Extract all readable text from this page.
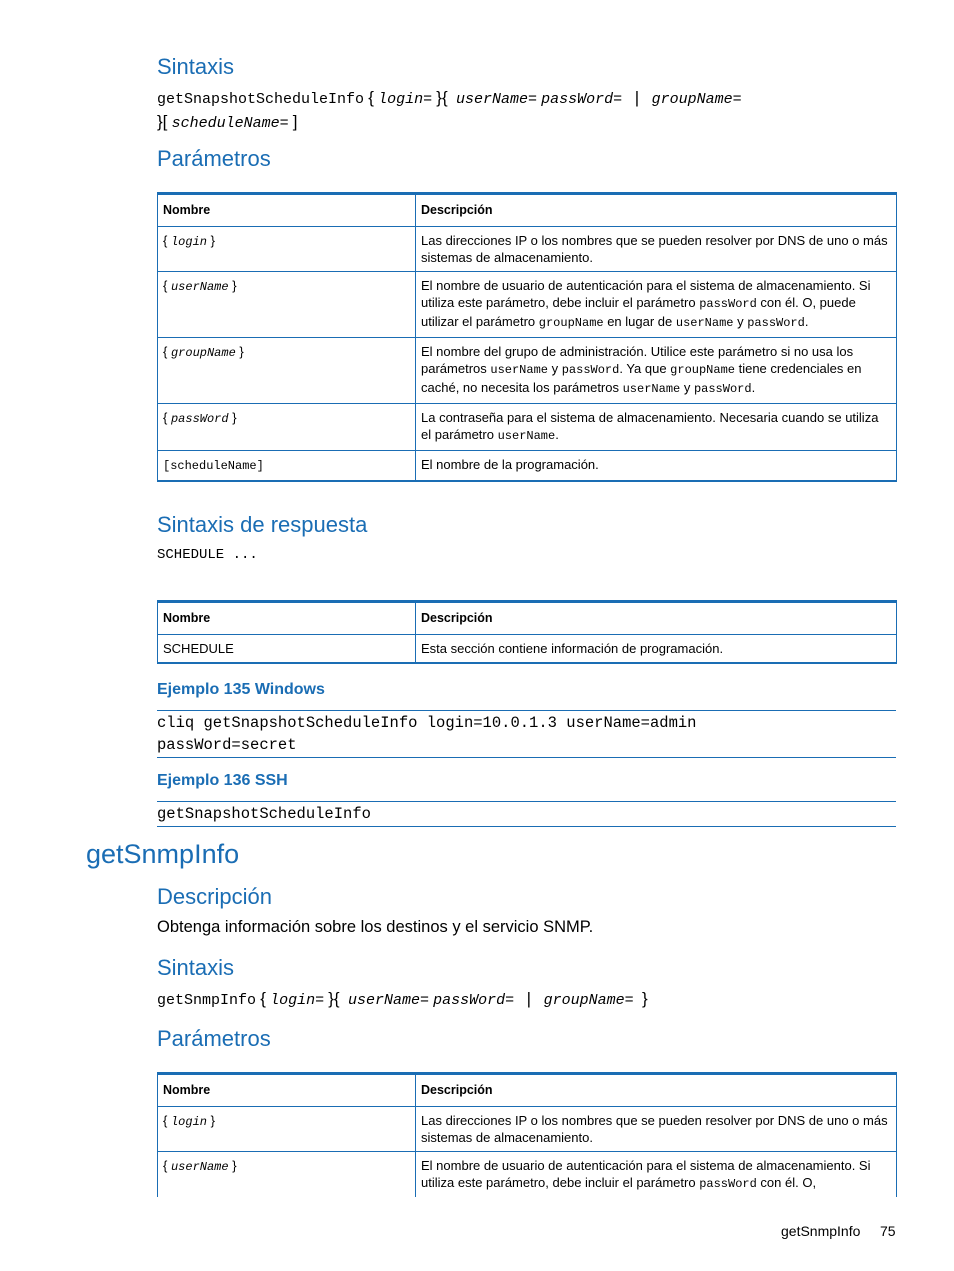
Sintaxis
getSnapshotScheduleInfo { login= }{ userName= passWord= | groupName=
}[ scheduleName= ]
Parámetros
Nombre	Descripción
{ login }	Las direcciones IP o los nombres que se pueden resolver por DNS de uno o más sistemas de almacenamiento.
{ userName }	El nombre de usuario de autenticación para el sistema de almacenamiento. Si utiliza este parámetro, debe incluir el parámetro passWord con él. O, puede utilizar el parámetro groupName en lugar de userName y passWord.
{ groupName }	El nombre del grupo de administración. Utilice este parámetro si no usa los parámetros userName y passWord. Ya que groupName tiene credenciales en caché, no necesita los parámetros userName y passWord.
{ passWord }	La contraseña para el sistema de almacenamiento. Necesaria cuando se utiliza el parámetro userName.
[scheduleName]	El nombre de la programación.
Sintaxis de respuesta
SCHEDULE ...
Nombre	Descripción
SCHEDULE	Esta sección contiene información de programación.
Ejemplo 135 Windows
cliq getSnapshotScheduleInfo login=10.0.1.3 userName=admin
passWord=secret
Ejemplo 136 SSH
getSnapshotScheduleInfo
getSnmpInfo
Descripción
Obtenga información sobre los destinos y el servicio SNMP.
Sintaxis
getSnmpInfo { login= }{ userName= passWord= | groupName= }
Parámetros
Nombre	Descripción
{ login }	Las direcciones IP o los nombres que se pueden resolver por DNS de uno o más sistemas de almacenamiento.
{ userName }	El nombre de usuario de autenticación para el sistema de almacenamiento. Si utiliza este parámetro, debe incluir el parámetro passWord con él. O,
getSnmpInfo 75
